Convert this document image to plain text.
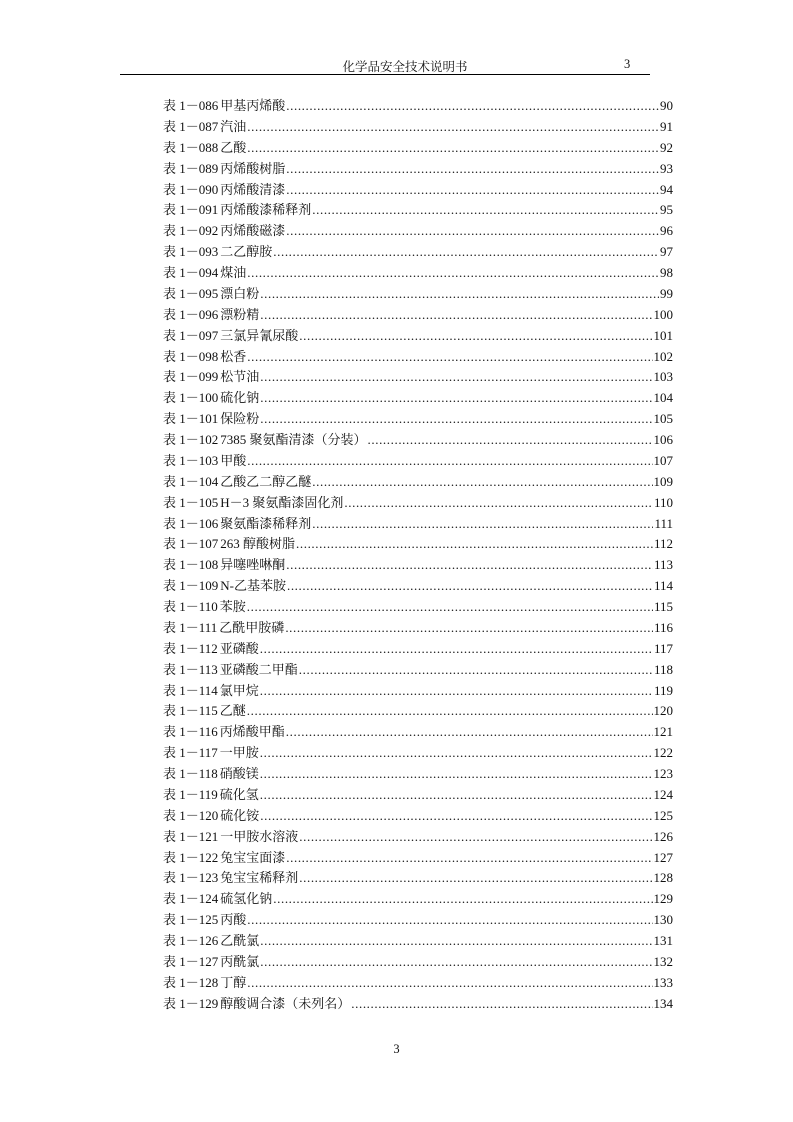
化学品安全技术说明书	3
表 1－086 甲基丙烯酸 .....	90
表 1－087 汽油 .....	91
表 1－088 乙酸 .....	92
表 1－089 丙烯酸树脂 .....	93
表 1－090 丙烯酸清漆 .....	94
表 1－091 丙烯酸漆稀释剂 .....	95
表 1－092 丙烯酸磁漆 .....	96
表 1－093 二乙醇胺 .....	97
表 1－094 煤油 .....	98
表 1－095 漂白粉 .....	99
表 1－096 漂粉精 .....	100
表 1－097 三氯异氰尿酸 .....	101
表 1－098 松香 .....	102
表 1－099 松节油 .....	103
表 1－100 硫化钠 .....	104
表 1－101 保险粉 .....	105
表 1－102 7385 聚氨酯清漆（分装） .....	106
表 1－103 甲酸 .....	107
表 1－104 乙酸乙二醇乙醚 .....	109
表 1－105 H－3 聚氨酯漆固化剂 .....	110
表 1－106 聚氨酯漆稀释剂 .....	111
表 1－107 263 醇酸树脂 .....	112
表 1－108 异噻唑啉酮 .....	113
表 1－109 N-乙基苯胺 .....	114
表 1－110 苯胺 .....	115
表 1－111 乙酰甲胺磷 .....	116
表 1－112 亚磷酸 .....	117
表 1－113 亚磷酸二甲酯 .....	118
表 1－114 氯甲烷 .....	119
表 1－115 乙醚 .....	120
表 1－116 丙烯酸甲酯 .....	121
表 1－117 一甲胺 .....	122
表 1－118 硝酸镁 .....	123
表 1－119 硫化氢 .....	124
表 1－120 硫化铵 .....	125
表 1－121 一甲胺水溶液 .....	126
表 1－122 兔宝宝面漆 .....	127
表 1－123 兔宝宝稀释剂 .....	128
表 1－124 硫氢化钠 .....	129
表 1－125 丙酸 .....	130
表 1－126 乙酰氯 .....	131
表 1－127 丙酰氯 .....	132
表 1－128 丁醇 .....	133
表 1－129 醇酸调合漆（未列名） .....	134
3
